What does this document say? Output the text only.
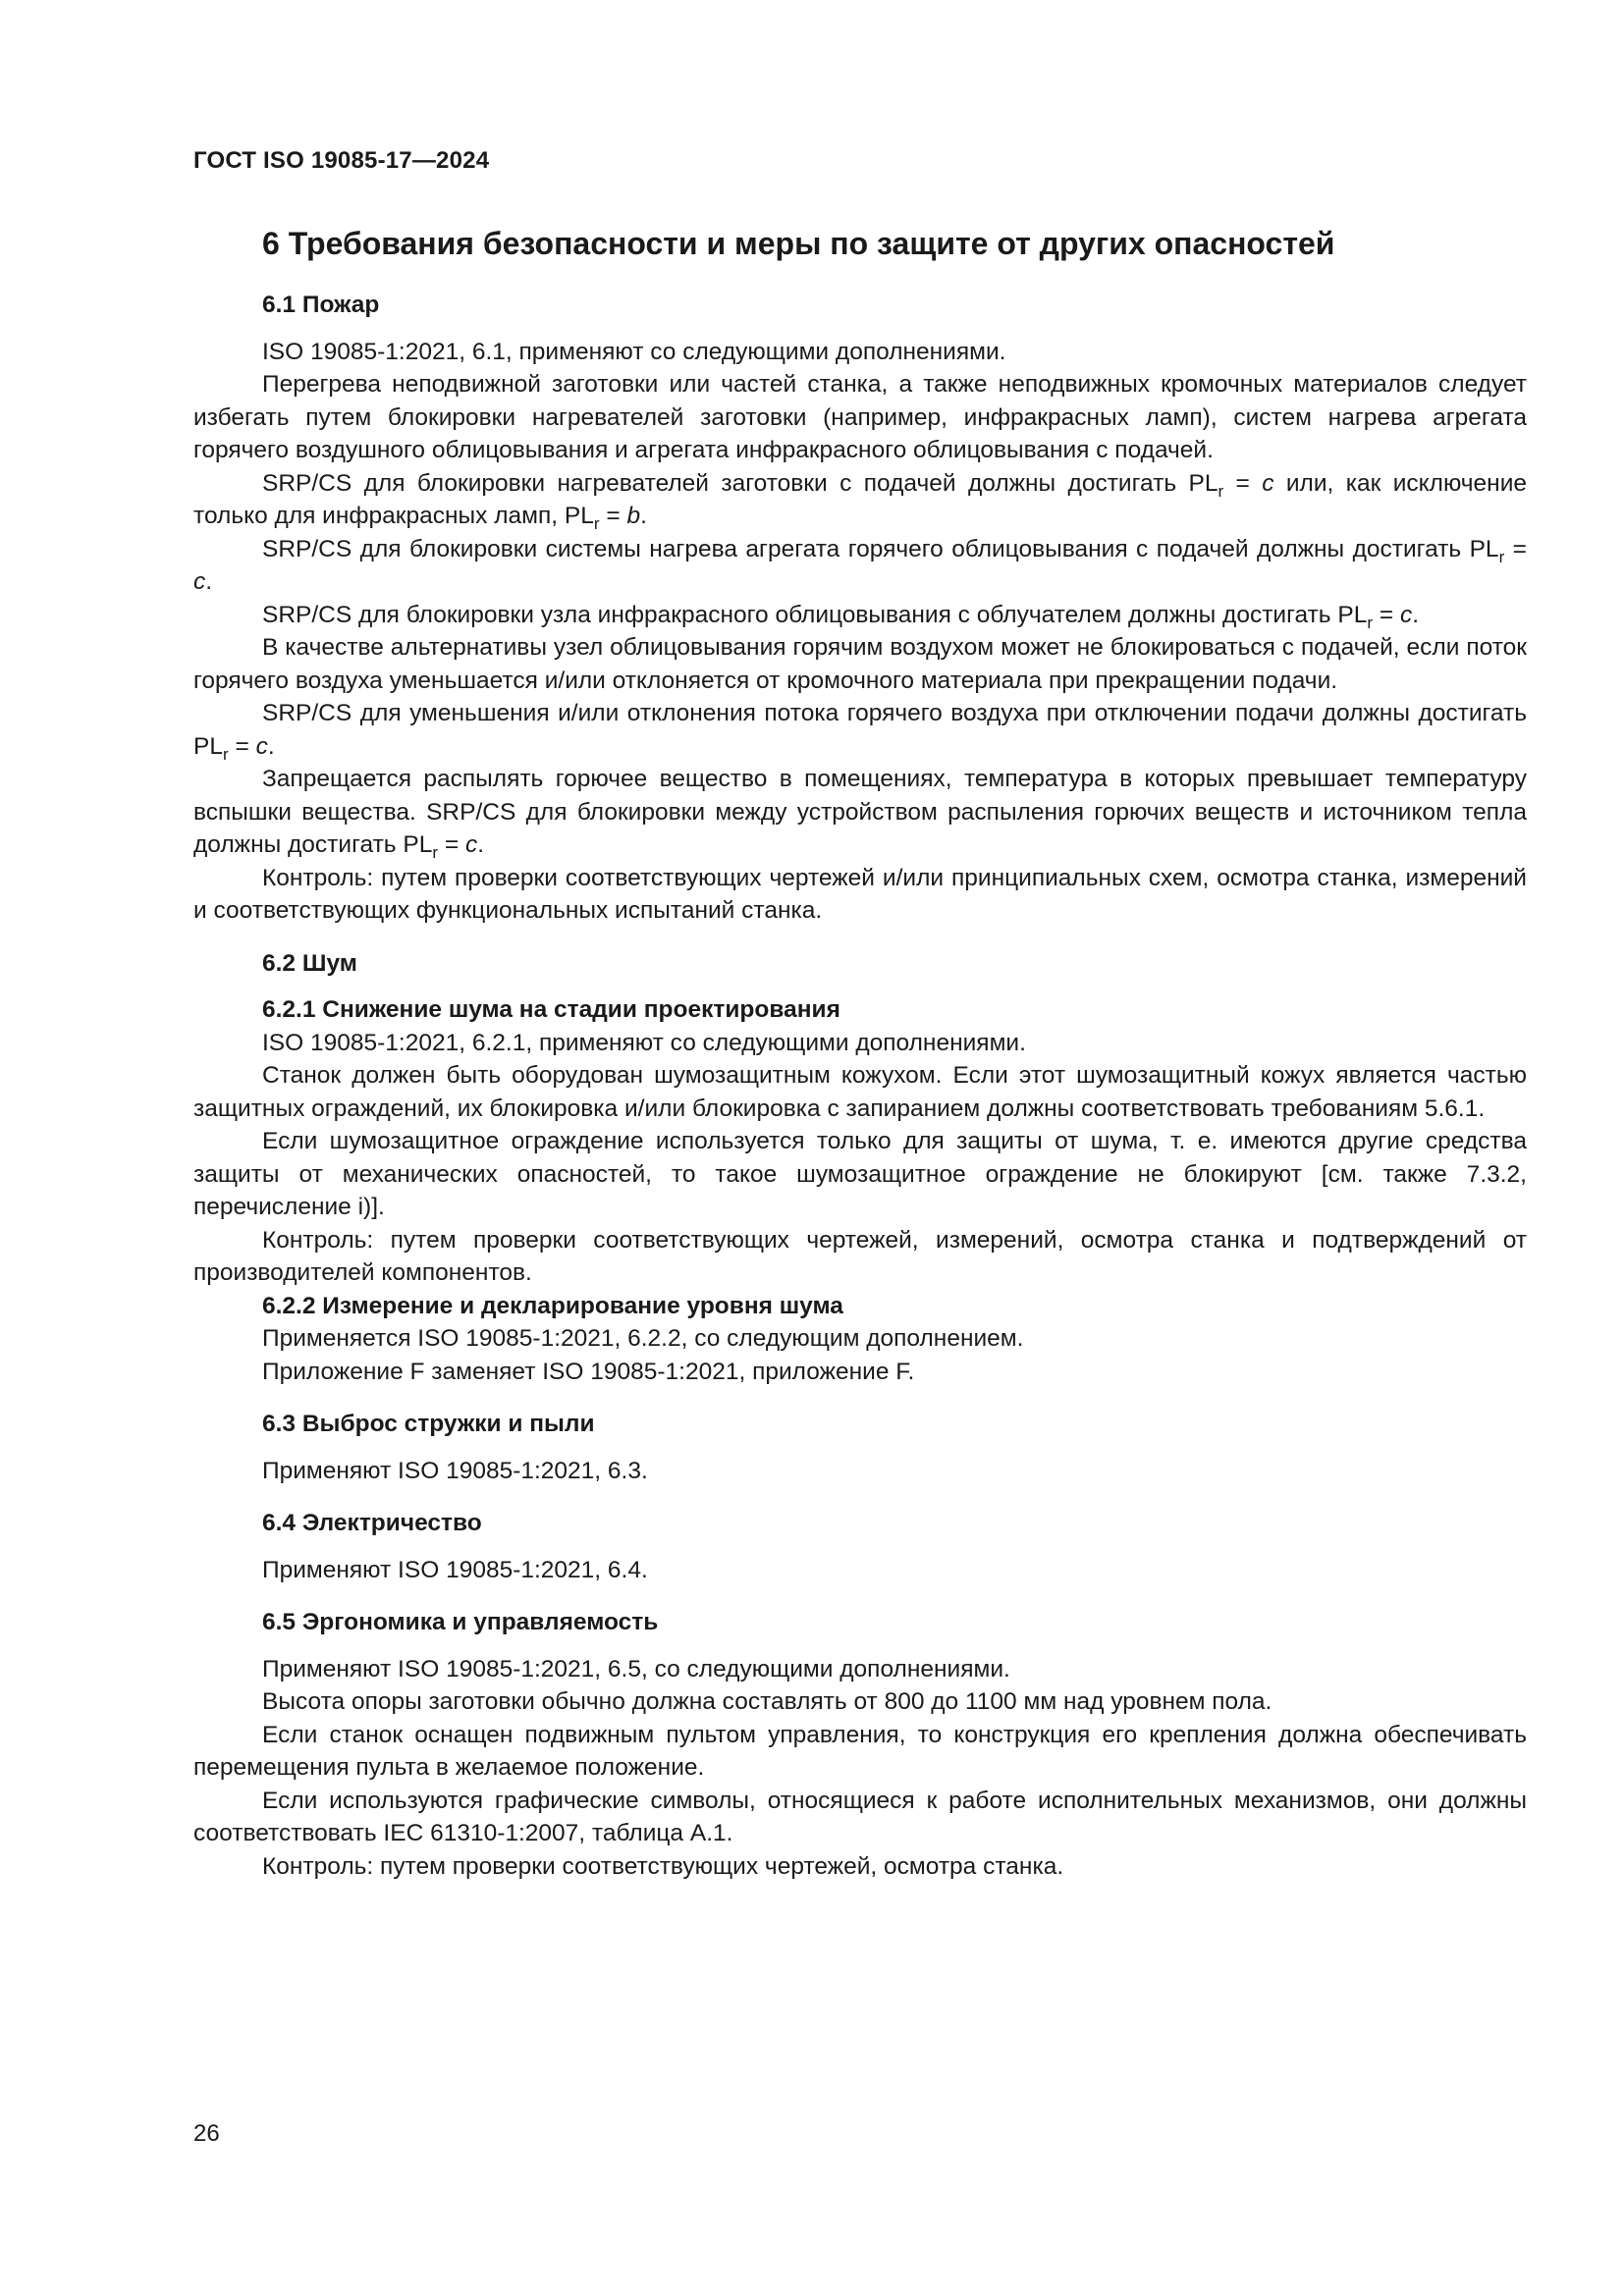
ГОСТ ISO 19085-17—2024
6 Требования безопасности и меры по защите от других опасностей
6.1 Пожар

ISO 19085-1:2021, 6.1, применяют со следующими дополнениями.

Перегрева неподвижной заготовки или частей станка, а также неподвижных кромочных материалов следует избегать путем блокировки нагревателей заготовки (например, инфракрасных ламп), систем нагрева агрегата горячего воздушного облицовывания и агрегата инфракрасного облицовывания с подачей.

SRP/CS для блокировки нагревателей заготовки с подачей должны достигать $PL_r = c$ или, как исключение только для инфракрасных ламп, $PL_r = b$.

SRP/CS для блокировки системы нагрева агрегата горячего облицовывания с подачей должны достигать $PL_r = c$.

SRP/CS для блокировки узла инфракрасного облицовывания с облучателем должны достигать $PL_r = c$.

В качестве альтернативы узел облицовывания горячим воздухом может не блокироваться с подачей, если поток горячего воздуха уменьшается и/или отклоняется от кромочного материала при прекращении подачи.

SRP/CS для уменьшения и/или отклонения потока горячего воздуха при отключении подачи должны достигать $PL_r = c$.

Запрещается распылять горючее вещество в помещениях, температура в которых превышает температуру вспышки вещества. SRP/CS для блокировки между устройством распыления горючих веществ и источником тепла должны достигать $PL_r = c$.

Контроль: путем проверки соответствующих чертежей и/или принципиальных схем, осмотра станка, измерений и соответствующих функциональных испытаний станка.

6.2 Шум
6.2.1 Снижение шума на стадии проектирования

ISO 19085-1:2021, 6.2.1, применяют со следующими дополнениями.

Станок должен быть оборудован шумозащитным кожухом. Если этот шумозащитный кожух является частью защитных ограждений, их блокировка и/или блокировка с запиранием должны соответствовать требованиям 5.6.1.

Если шумозащитное ограждение используется только для защиты от шума, т. е. имеются другие средства защиты от механических опасностей, то такое шумозащитное ограждение не блокируют [см. также 7.3.2, перечисление i)].

Контроль: путем проверки соответствующих чертежей, измерений, осмотра станка и подтверждений от производителей компонентов.

6.2.2 Измерение и декларирование уровня шума

Применяется ISO 19085-1:2021, 6.2.2, со следующим дополнением.

Приложение F заменяет ISO 19085-1:2021, приложение F.

6.3 Выброс стружки и пыли

Применяют ISO 19085-1:2021, 6.3.

6.4 Электричество

Применяют ISO 19085-1:2021, 6.4.

6.5 Эргономика и управляемость

Применяют ISO 19085-1:2021, 6.5, со следующими дополнениями.

Высота опоры заготовки обычно должна составлять от 800 до 1100 мм над уровнем пола.

Если станок оснащен подвижным пультом управления, то конструкция его крепления должна обеспечивать перемещения пульта в желаемое положение.

Если используются графические символы, относящиеся к работе исполнительных механизмов, они должны соответствовать IEC 61310-1:2007, таблица А.1.

Контроль: путем проверки соответствующих чертежей, осмотра станка.

26
